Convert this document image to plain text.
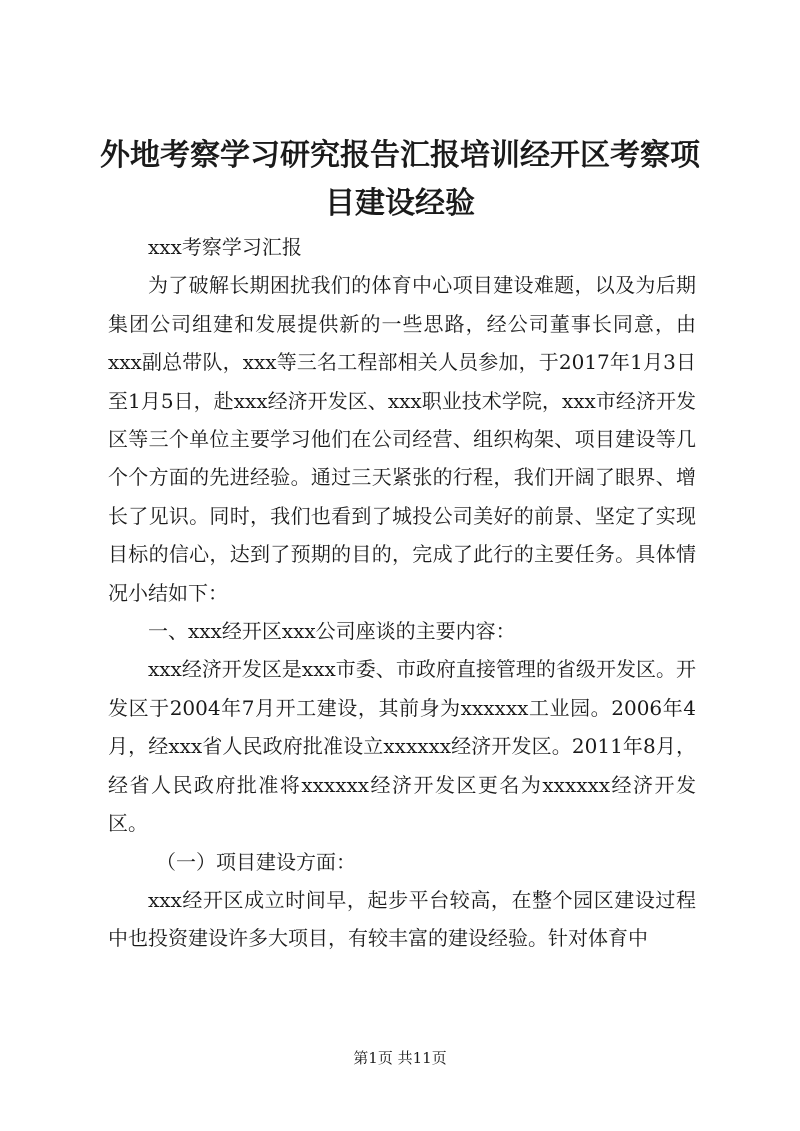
外地考察学习研究报告汇报培训经开区考察项目建设经验

xxx考察学习汇报

为了破解长期困扰我们的体育中心项目建设难题，以及为后期集团公司组建和发展提供新的一些思路，经公司董事长同意，由xxx副总带队，xxx等三名工程部相关人员参加，于2017年1月3日至1月5日，赴xxx经济开发区、xxx职业技术学院，xxx市经济开发区等三个单位主要学习他们在公司经营、组织构架、项目建设等几个个方面的先进经验。通过三天紧张的行程，我们开阔了眼界、增长了见识。同时，我们也看到了城投公司美好的前景、坚定了实现目标的信心，达到了预期的目的，完成了此行的主要任务。具体情况小结如下：

一、xxx经开区xxx公司座谈的主要内容：

xxx经济开发区是xxx市委、市政府直接管理的省级开发区。开发区于2004年7月开工建设，其前身为xxxxxx工业园。2006年4月，经xxx省人民政府批准设立xxxxxx经济开发区。2011年8月，经省人民政府批准将xxxxxx经济开发区更名为xxxxxx经济开发区。

（一）项目建设方面：

xxx经开区成立时间早，起步平台较高，在整个园区建设过程中也投资建设许多大项目，有较丰富的建设经验。针对体育中

第1页 共11页
